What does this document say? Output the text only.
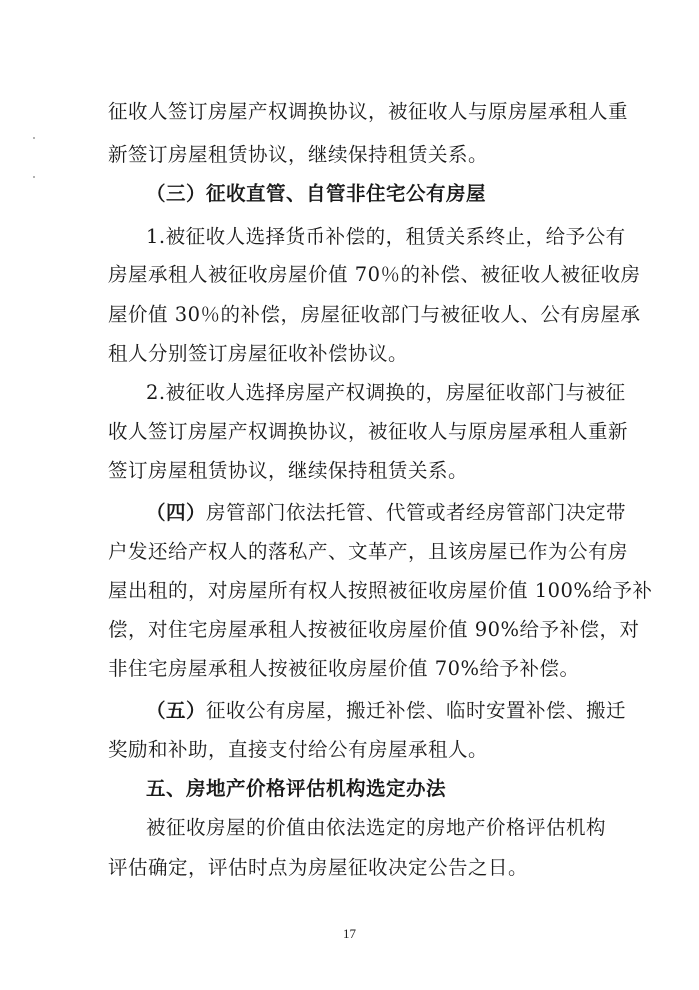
征收人签订房屋产权调换协议，被征收人与原房屋承租人重
新签订房屋租赁协议，继续保持租赁关系。
（三）征收直管、自管非住宅公有房屋
1.被征收人选择货币补偿的，租赁关系终止，给予公有
房屋承租人被征收房屋价值 70％的补偿、被征收人被征收房
屋价值 30％的补偿，房屋征收部门与被征收人、公有房屋承
租人分别签订房屋征收补偿协议。
2.被征收人选择房屋产权调换的，房屋征收部门与被征
收人签订房屋产权调换协议，被征收人与原房屋承租人重新
签订房屋租赁协议，继续保持租赁关系。
（四）房管部门依法托管、代管或者经房管部门决定带
户发还给产权人的落私产、文革产，且该房屋已作为公有房
屋出租的，对房屋所有权人按照被征收房屋价值 100%给予补
偿，对住宅房屋承租人按被征收房屋价值 90%给予补偿，对
非住宅房屋承租人按被征收房屋价值 70%给予补偿。
（五）征收公有房屋，搬迁补偿、临时安置补偿、搬迁
奖励和补助，直接支付给公有房屋承租人。
五、房地产价格评估机构选定办法
被征收房屋的价值由依法选定的房地产价格评估机构
评估确定，评估时点为房屋征收决定公告之日。
17
